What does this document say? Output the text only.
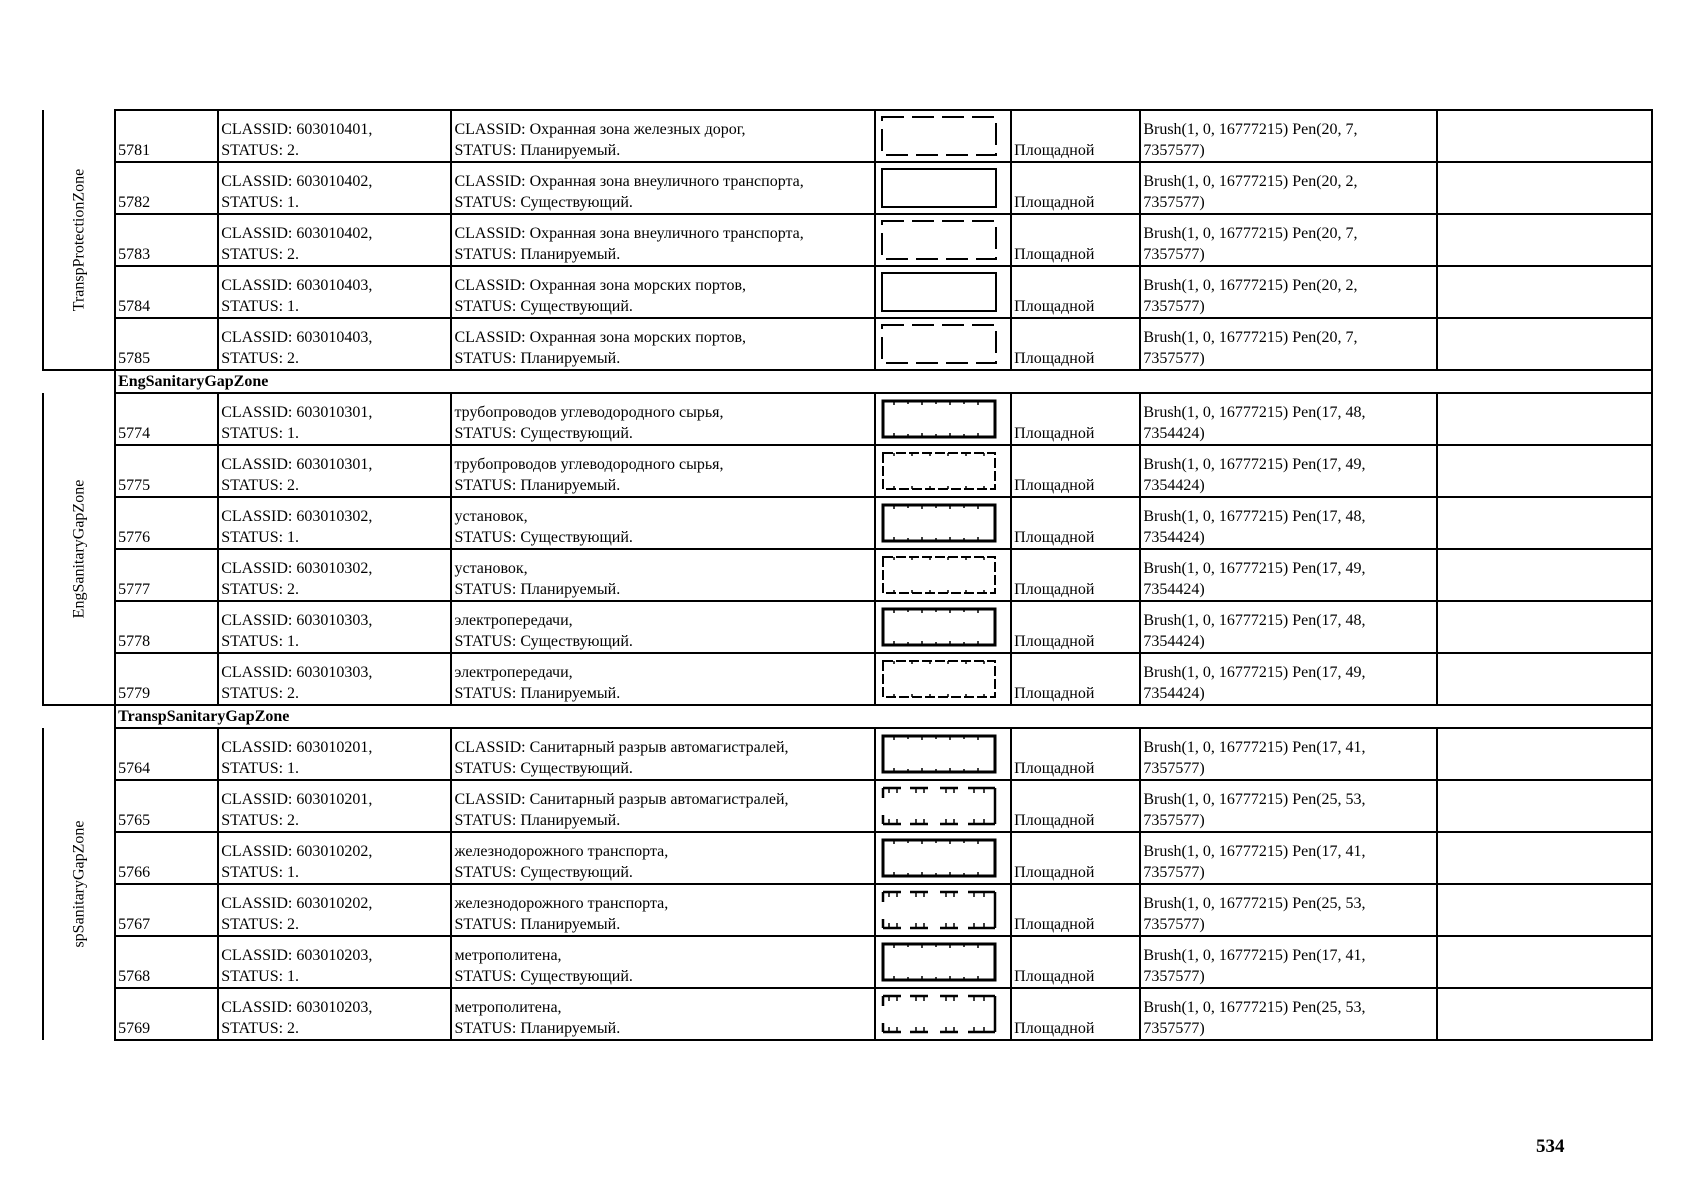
TranspProtectionZone	5781	CLASSID: 603010401,
STATUS: 2.	CLASSID: Охранная зона железных дорог,
STATUS: Планируемый.		Площадной	Brush(1, 0, 16777215) Pen(20, 7,
7357577)	

	5782	CLASSID: 603010402,
STATUS: 1.	CLASSID: Охранная зона внеуличного транспорта,
STATUS: Существующий.		Площадной	Brush(1, 0, 16777215) Pen(20, 2,
7357577)	

	5783	CLASSID: 603010402,
STATUS: 2.	CLASSID: Охранная зона внеуличного транспорта,
STATUS: Планируемый.		Площадной	Brush(1, 0, 16777215) Pen(20, 7,
7357577)	

	5784	CLASSID: 603010403,
STATUS: 1.	CLASSID: Охранная зона морских портов,
STATUS: Существующий.		Площадной	Brush(1, 0, 16777215) Pen(20, 2,
7357577)	

	5785	CLASSID: 603010403,
STATUS: 2.	CLASSID: Охранная зона морских портов,
STATUS: Планируемый.		Площадной	Brush(1, 0, 16777215) Pen(20, 7,
7357577)	

	EngSanitaryGapZone						

EngSanitaryGapZone	5774	CLASSID: 603010301,
STATUS: 1.	трубопроводов углеводородного сырья,
STATUS: Существующий.		Площадной	Brush(1, 0, 16777215) Pen(17, 48,
7354424)	

	5775	CLASSID: 603010301,
STATUS: 2.	трубопроводов углеводородного сырья,
STATUS: Планируемый.		Площадной	Brush(1, 0, 16777215) Pen(17, 49,
7354424)	

	5776	CLASSID: 603010302,
STATUS: 1.	установок,
STATUS: Существующий.		Площадной	Brush(1, 0, 16777215) Pen(17, 48,
7354424)	

	5777	CLASSID: 603010302,
STATUS: 2.	установок,
STATUS: Планируемый.		Площадной	Brush(1, 0, 16777215) Pen(17, 49,
7354424)	

	5778	CLASSID: 603010303,
STATUS: 1.	электропередачи,
STATUS: Существующий.		Площадной	Brush(1, 0, 16777215) Pen(17, 48,
7354424)	

	5779	CLASSID: 603010303,
STATUS: 2.	электропередачи,
STATUS: Планируемый.		Площадной	Brush(1, 0, 16777215) Pen(17, 49,
7354424)	

	TranspSanitaryGapZone						

spSanitaryGapZone	5764	CLASSID: 603010201,
STATUS: 1.	CLASSID: Санитарный разрыв автомагистралей,
STATUS: Существующий.		Площадной	Brush(1, 0, 16777215) Pen(17, 41,
7357577)	

	5765	CLASSID: 603010201,
STATUS: 2.	CLASSID: Санитарный разрыв автомагистралей,
STATUS: Планируемый.		Площадной	Brush(1, 0, 16777215) Pen(25, 53,
7357577)	

	5766	CLASSID: 603010202,
STATUS: 1.	железнодорожного транспорта,
STATUS: Существующий.		Площадной	Brush(1, 0, 16777215) Pen(17, 41,
7357577)	

	5767	CLASSID: 603010202,
STATUS: 2.	железнодорожного транспорта,
STATUS: Планируемый.		Площадной	Brush(1, 0, 16777215) Pen(25, 53,
7357577)	

	5768	CLASSID: 603010203,
STATUS: 1.	метрополитена,
STATUS: Существующий.		Площадной	Brush(1, 0, 16777215) Pen(17, 41,
7357577)	

	5769	CLASSID: 603010203,
STATUS: 2.	метрополитена,
STATUS: Планируемый.		Площадной	Brush(1, 0, 16777215) Pen(25, 53,
7357577)	

534
